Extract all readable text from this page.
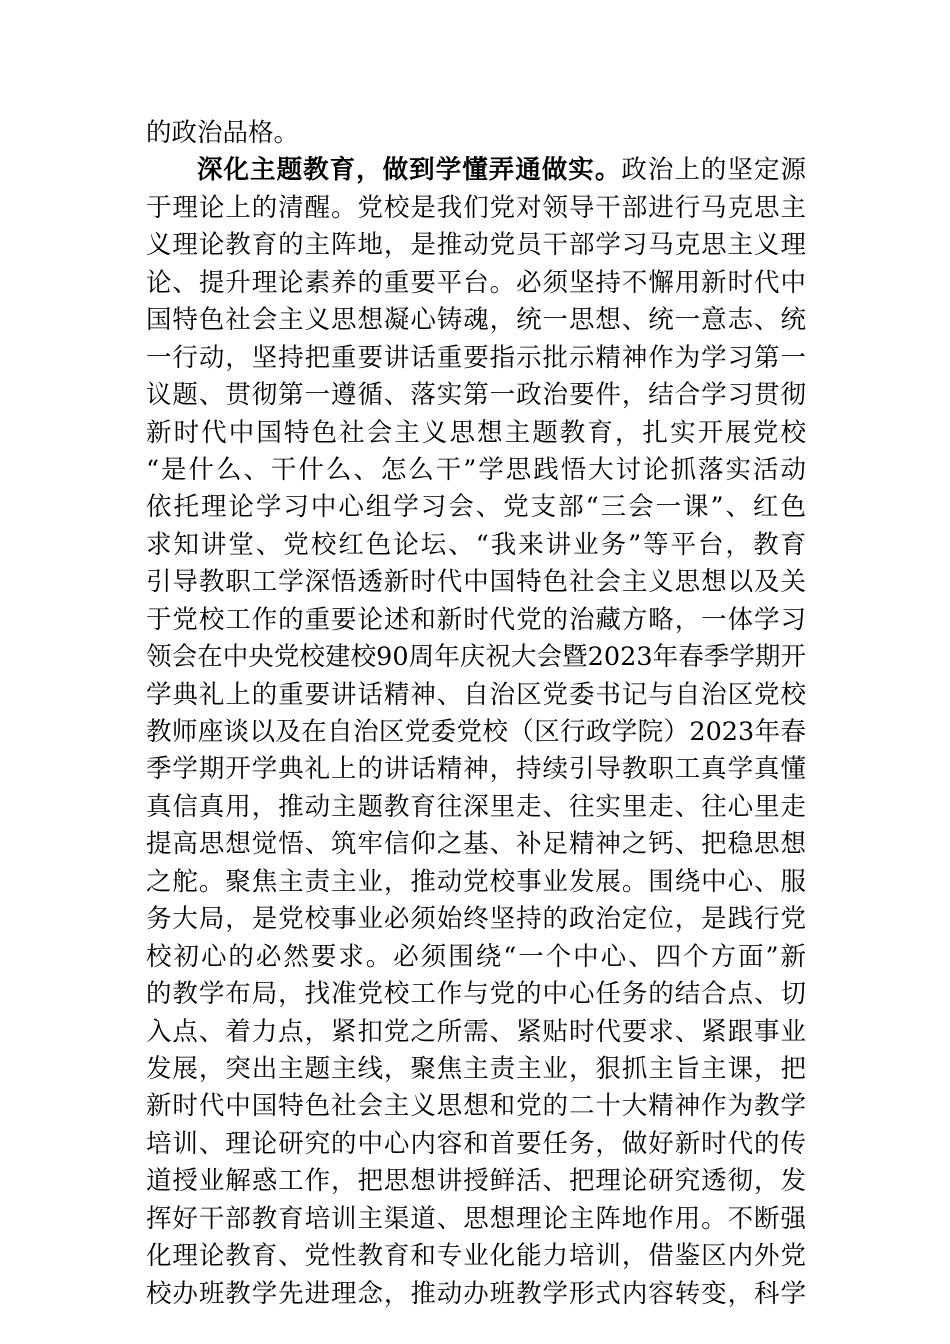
的政治品格。
深化主题教育，做到学懂弄通做实。政治上的坚定源
于理论上的清醒。党校是我们党对领导干部进行马克思主
义理论教育的主阵地，是推动党员干部学习马克思主义理
论、提升理论素养的重要平台。必须坚持不懈用新时代中
国特色社会主义思想凝心铸魂，统一思想、统一意志、统
一行动，坚持把重要讲话重要指示批示精神作为学习第一
议题、贯彻第一遵循、落实第一政治要件，结合学习贯彻
新时代中国特色社会主义思想主题教育，扎实开展党校
“是什么、干什么、怎么干”学思践悟大讨论抓落实活动
依托理论学习中心组学习会、党支部“三会一课”、红色
求知讲堂、党校红色论坛、“我来讲业务”等平台，教育
引导教职工学深悟透新时代中国特色社会主义思想以及关
于党校工作的重要论述和新时代党的治藏方略，一体学习
领会在中央党校建校90周年庆祝大会暨2023年春季学期开
学典礼上的重要讲话精神、自治区党委书记与自治区党校
教师座谈以及在自治区党委党校（区行政学院）2023年春
季学期开学典礼上的讲话精神，持续引导教职工真学真懂
真信真用，推动主题教育往深里走、往实里走、往心里走
提高思想觉悟、筑牢信仰之基、补足精神之钙、把稳思想
之舵。聚焦主责主业，推动党校事业发展。围绕中心、服
务大局，是党校事业必须始终坚持的政治定位，是践行党
校初心的必然要求。必须围绕“一个中心、四个方面”新
的教学布局，找准党校工作与党的中心任务的结合点、切
入点、着力点，紧扣党之所需、紧贴时代要求、紧跟事业
发展，突出主题主线，聚焦主责主业，狠抓主旨主课，把
新时代中国特色社会主义思想和党的二十大精神作为教学
培训、理论研究的中心内容和首要任务，做好新时代的传
道授业解惑工作，把思想讲授鲜活、把理论研究透彻，发
挥好干部教育培训主渠道、思想理论主阵地作用。不断强
化理论教育、党性教育和专业化能力培训，借鉴区内外党
校办班教学先进理念，推动办班教学形式内容转变，科学
